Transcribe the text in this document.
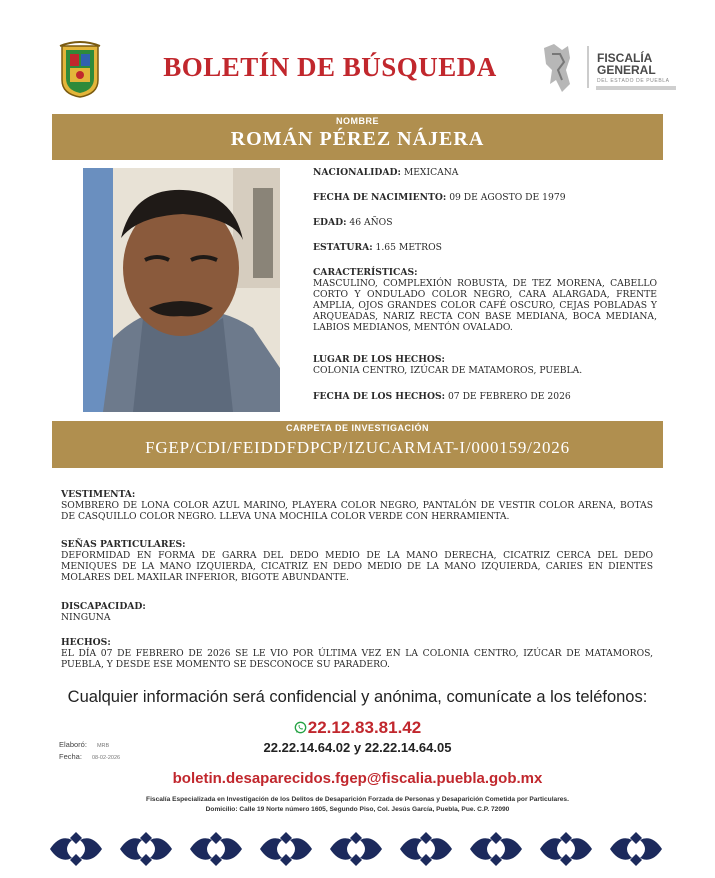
BOLETÍN DE BÚSQUEDA	FISCALÍA
GENERAL
DEL ESTADO DE PUEBLA
NOMBRE
ROMÁN PÉREZ NÁJERA
NACIONALIDAD: MEXICANA
FECHA DE NACIMIENTO: 09 DE AGOSTO DE 1979
EDAD: 46 AÑOS
ESTATURA: 1.65 METROS
CARACTERÍSTICAS:
MASCULINO, COMPLEXIÓN ROBUSTA, DE TEZ MORENA, CABELLO CORTO Y ONDULADO COLOR NEGRO, CARA ALARGADA, FRENTE AMPLIA, OJOS GRANDES COLOR CAFÉ OSCURO, CEJAS POBLADAS Y ARQUEADAS, NARIZ RECTA CON BASE MEDIANA, BOCA MEDIANA, LABIOS MEDIANOS, MENTÓN OVALADO.
LUGAR DE LOS HECHOS:
COLONIA CENTRO, IZÚCAR DE MATAMOROS, PUEBLA.
FECHA DE LOS HECHOS: 07 DE FEBRERO DE 2026
CARPETA DE INVESTIGACIÓN
FGEP/CDI/FEIDDFDPCP/IZUCARMAT-I/000159/2026
VESTIMENTA:
SOMBRERO DE LONA COLOR AZUL MARINO, PLAYERA COLOR NEGRO, PANTALÓN DE VESTIR COLOR ARENA, BOTAS DE CASQUILLO COLOR NEGRO. LLEVA UNA MOCHILA COLOR VERDE CON HERRAMIENTA.
SEÑAS PARTICULARES:
DEFORMIDAD EN FORMA DE GARRA DEL DEDO MEDIO DE LA MANO DERECHA, CICATRIZ CERCA DEL DEDO MENIQUES DE LA MANO IZQUIERDA, CICATRIZ EN DEDO MEDIO DE LA MANO IZQUIERDA, CARIES EN DIENTES MOLARES DEL MAXILAR INFERIOR, BIGOTE ABUNDANTE.
DISCAPACIDAD:
NINGUNA
HECHOS:
EL DÍA 07 DE FEBRERO DE 2026 SE LE VIO POR ÚLTIMA VEZ EN LA COLONIA CENTRO, IZÚCAR DE MATAMOROS, PUEBLA, Y DESDE ESE MOMENTO SE DESCONOCE SU PARADERO.
Cualquier información será confidencial y anónima, comunícate a los teléfonos:
22.12.83.81.42
22.22.14.64.02 y 22.22.14.64.05
Elaboró: MRB
Fecha: 08-02-2026
boletin.desaparecidos.fgep@fiscalia.puebla.gob.mx
Fiscalía Especializada en Investigación de los Delitos de Desaparición Forzada de Personas y Desaparición Cometida por Particulares.
Domicilio: Calle 19 Norte número 1605, Segundo Piso, Col. Jesús García, Puebla, Pue. C.P. 72090
